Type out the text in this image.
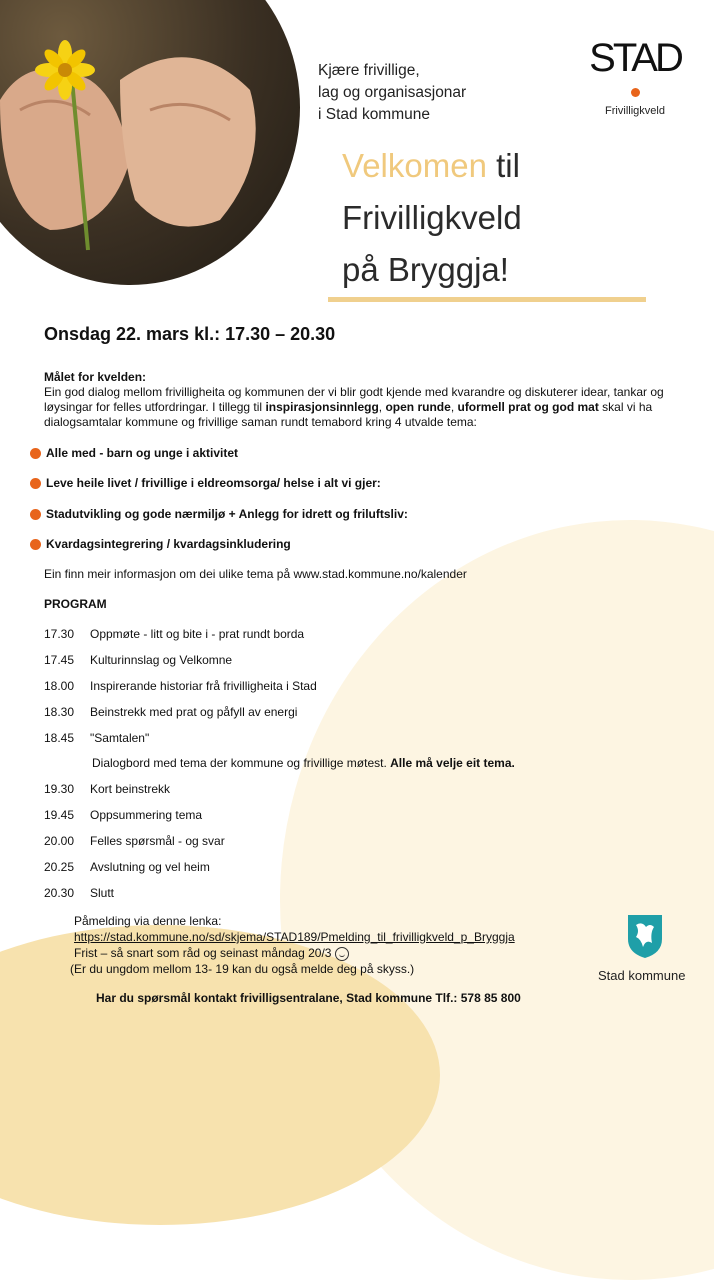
Kjære frivillige,
lag og organisasjonar
i Stad kommune
STAD
Frivilligkveld
Velkomen til
Frivilligkveld
på Bryggja!
Onsdag 22. mars kl.: 17.30 – 20.30
Målet for kvelden:
Ein god dialog mellom frivilligheita og kommunen der vi blir godt kjende med kvarandre og diskuterer idear, tankar og løysingar for felles utfordringar. I tillegg til inspirasjonsinnlegg, open runde, uformell prat og god mat skal vi ha dialogsamtalar kommune og frivillige saman rundt temabord kring 4 utvalde tema:
Alle med - barn og unge i aktivitet
Leve heile livet / frivillige i eldreomsorga/ helse i alt vi gjer:
Stadutvikling og gode nærmiljø + Anlegg for idrett og friluftsliv:
Kvardagsintegrering / kvardagsinkludering
Ein finn meir informasjon om dei ulike tema på www.stad.kommune.no/kalender
PROGRAM
17.30	Oppmøte - litt og bite i - prat rundt borda
17.45	Kulturinnslag og Velkomne
18.00	Inspirerande historiar frå frivilligheita i Stad
18.30	Beinstrekk med prat og påfyll av energi
18.45	"Samtalen"
Dialogbord med tema der kommune og frivillige møtest. Alle må velje eit tema.
19.30	Kort beinstrekk
19.45	Oppsummering tema
20.00	Felles spørsmål - og svar
20.25	Avslutning og vel heim
20.30	Slutt
Påmelding via denne lenka:
https://stad.kommune.no/sd/skjema/STAD189/Pmelding_til_frivilligkveld_p_Bryggja
Frist – så snart som råd og seinast måndag 20/3
(Er du ungdom mellom 13- 19 kan du også melde deg på skyss.)	Stad kommune
Har du spørsmål kontakt frivilligsentralane, Stad kommune Tlf.: 578 85 800
